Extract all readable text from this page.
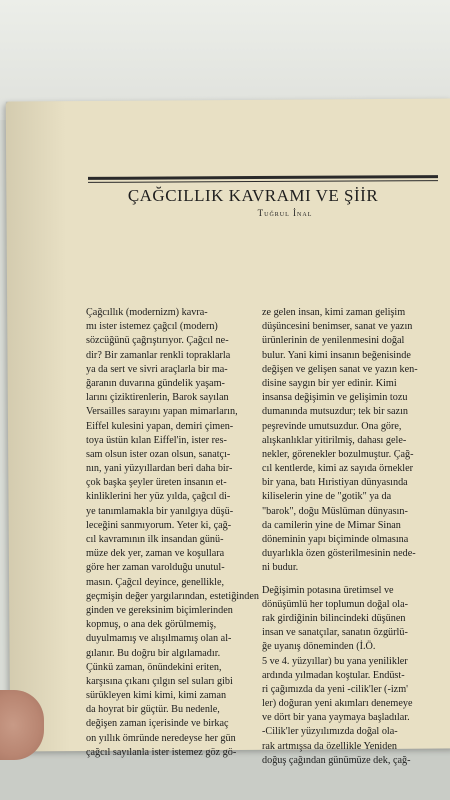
ÇAĞCILLIK KAVRAMI VE ŞİİR
Tuğrul İnal
Çağcıllık (modernizm) kavra-
mı ister istemez çağcıl (modern)
sözcüğünü çağrıştırıyor. Çağcıl ne-
dir? Bir zamanlar renkli topraklarla
ya da sert ve sivri araçlarla bir ma-
ğaranın duvarına gündelik yaşam-
larını çiziktirenlerin, Barok sayılan
Versailles sarayını yapan mimarların,
Eiffel kulesini yapan, demiri çimen-
toya üstün kılan Eiffel'in, ister res-
sam olsun ister ozan olsun, sanatçı-
nın, yani yüzyıllardan beri daha bir-
çok başka şeyler üreten insanın et-
kinliklerini her yüz yılda, çağcıl di-
ye tanımlamakla bir yanılgıya düşü-
leceğini sanmıyorum. Yeter ki, çağ-
cıl kavramının ilk insandan günü-
müze dek yer, zaman ve koşullara
göre her zaman varolduğu unutul-
masın. Çağcıl deyince, genellikle,
geçmişin değer yargılarından, estetiğinden
ginden ve gereksinim biçimlerinden
kopmuş, o ana dek görülmemiş,
duyulmamış ve alışılmamış olan al-
gılanır. Bu doğru bir algılamadır.
Çünkü zaman, önündekini eriten,
karşısına çıkanı çılgın sel suları gibi
sürükleyen kimi kimi, kimi zaman
da hoyrat bir güçtür. Bu nedenle,
değişen zaman içerisinde ve birkaç
on yıllık ömründe neredeyse her gün
çağcıl sayılanla ister istemez göz gö-
ze gelen insan, kimi zaman gelişim
düşüncesini benimser, sanat ve yazın
ürünlerinin de yenilenmesini doğal
bulur. Yani kimi insanın beğenisinde
değişen ve gelişen sanat ve yazın ken-
disine saygın bir yer edinir. Kimi
insansa değişimin ve gelişimin tozu
dumanında mutsuzdur; tek bir sazın
peşrevinde umutsuzdur. Ona göre,
alışkanlıklar yitirilmiş, dahası gele-
nekler, görenekler bozulmuştur. Çağ-
cıl kentlerde, kimi az sayıda örnekler
bir yana, batı Hıristiyan dünyasında
kiliselerin yine de "gotik" ya da
"barok", doğu Müslüman dünyasın-
da camilerin yine de Mimar Sinan
döneminin yapı biçiminde olmasına
duyarlıkla özen gösterilmesinin nede-
ni budur.
Değişimin potasına üretimsel ve
dönüşümlü her toplumun doğal ola-
rak girdiğinin bilincindeki düşünen
insan ve sanatçılar, sanatın özgürlü-
ğe uyanış döneminden (İ.Ö.
5 ve 4. yüzyıllar) bu yana yenilikler
ardında yılmadan koştular. Endüst-
ri çağımızda da yeni -cilik'ler (-izm'
ler) doğuran yeni akımları denemeye
ve dört bir yana yaymaya başladılar.
-Cilik'ler yüzyılımızda doğal ola-
rak artmışsa da özellikle Yeniden
doğuş çağından günümüze dek, çağ-
